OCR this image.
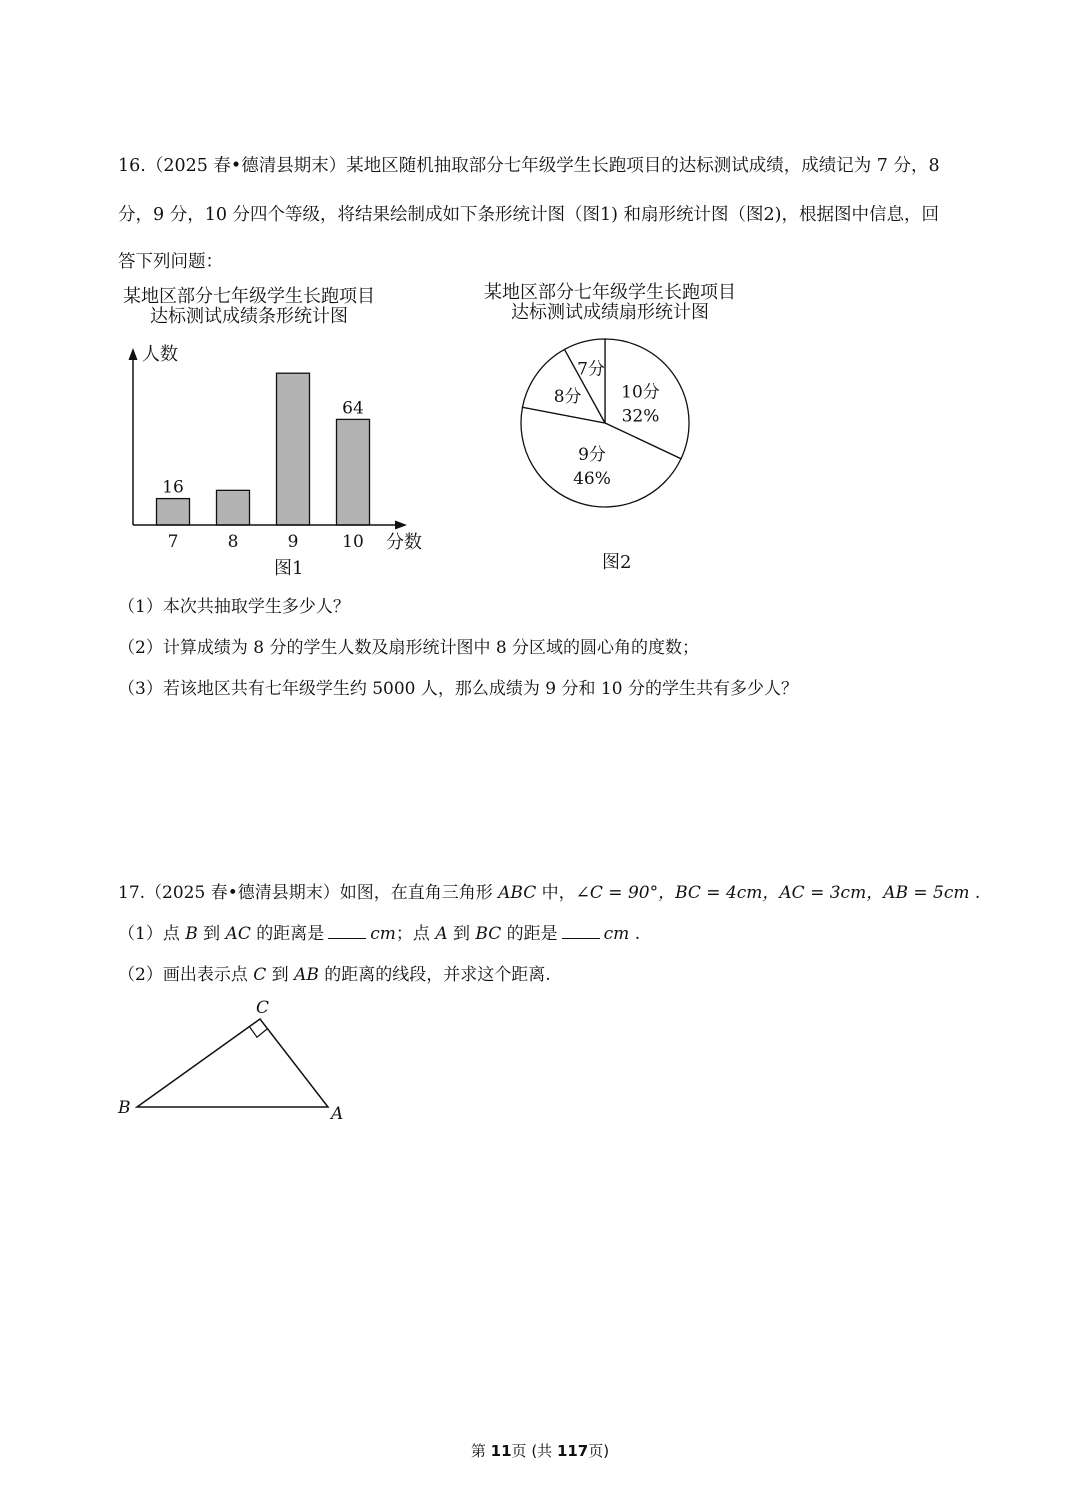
16.（2025 春•德清县期末）某地区随机抽取部分七年级学生长跑项目的达标测试成绩，成绩记为 7 分，8
分，9 分，10 分四个等级，将结果绘制成如下条形统计图（图1) 和扇形统计图（图2)，根据图中信息，回
答下列问题：
某地区部分七年级学生长跑项目
达标测试成绩条形统计图
某地区部分七年级学生长跑项目
达标测试成绩扇形统计图
人数
分数
图1
7	8	9	10
16
64
10分
32%
9分
46%
8分
7分
图2
（1）本次共抽取学生多少人？
（2）计算成绩为 8 分的学生人数及扇形统计图中 8 分区域的圆心角的度数；
（3）若该地区共有七年级学生约 5000 人，那么成绩为 9 分和 10 分的学生共有多少人？
17.（2025 春•德清县期末）如图，在直角三角形 ABC 中，∠C = 90°，BC = 4cm，AC = 3cm，AB = 5cm .
（1）点 B 到 AC 的距离是	cm；点 A 到 BC 的距是	cm .
（2）画出表示点 C 到 AB 的距离的线段，并求这个距离.
B
C
A
第 11页 (共 117页)
